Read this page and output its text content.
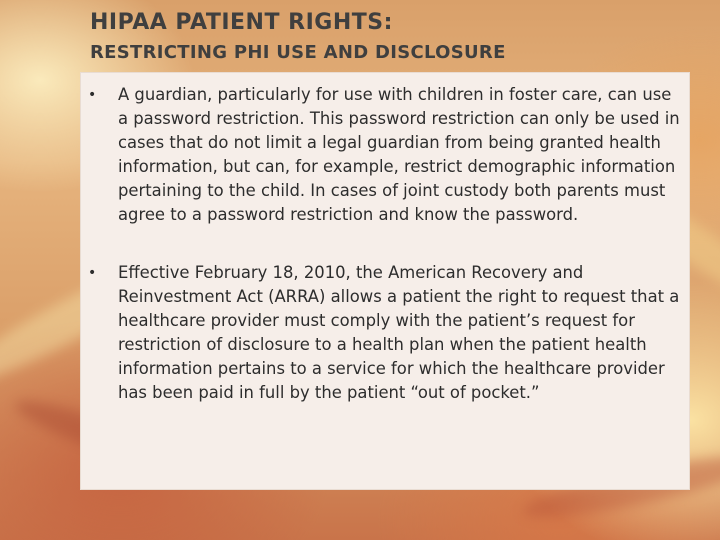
HIPAA PATIENT RIGHTS:
RESTRICTING PHI USE AND DISCLOSURE
• A guardian, particularly for use with children in foster care, can use a password restriction. This password restriction can only be used in cases that do not limit a legal guardian from being granted health information, but can, for example, restrict demographic information pertaining to the child. In cases of joint custody both parents must agree to a password restriction and know the password.
• Effective February 18, 2010, the American Recovery and Reinvestment Act (ARRA) allows a patient the right to request that a healthcare provider must comply with the patient’s request for restriction of disclosure to a health plan when the patient health information pertains to a service for which the healthcare provider has been paid in full by the patient “out of pocket.”
